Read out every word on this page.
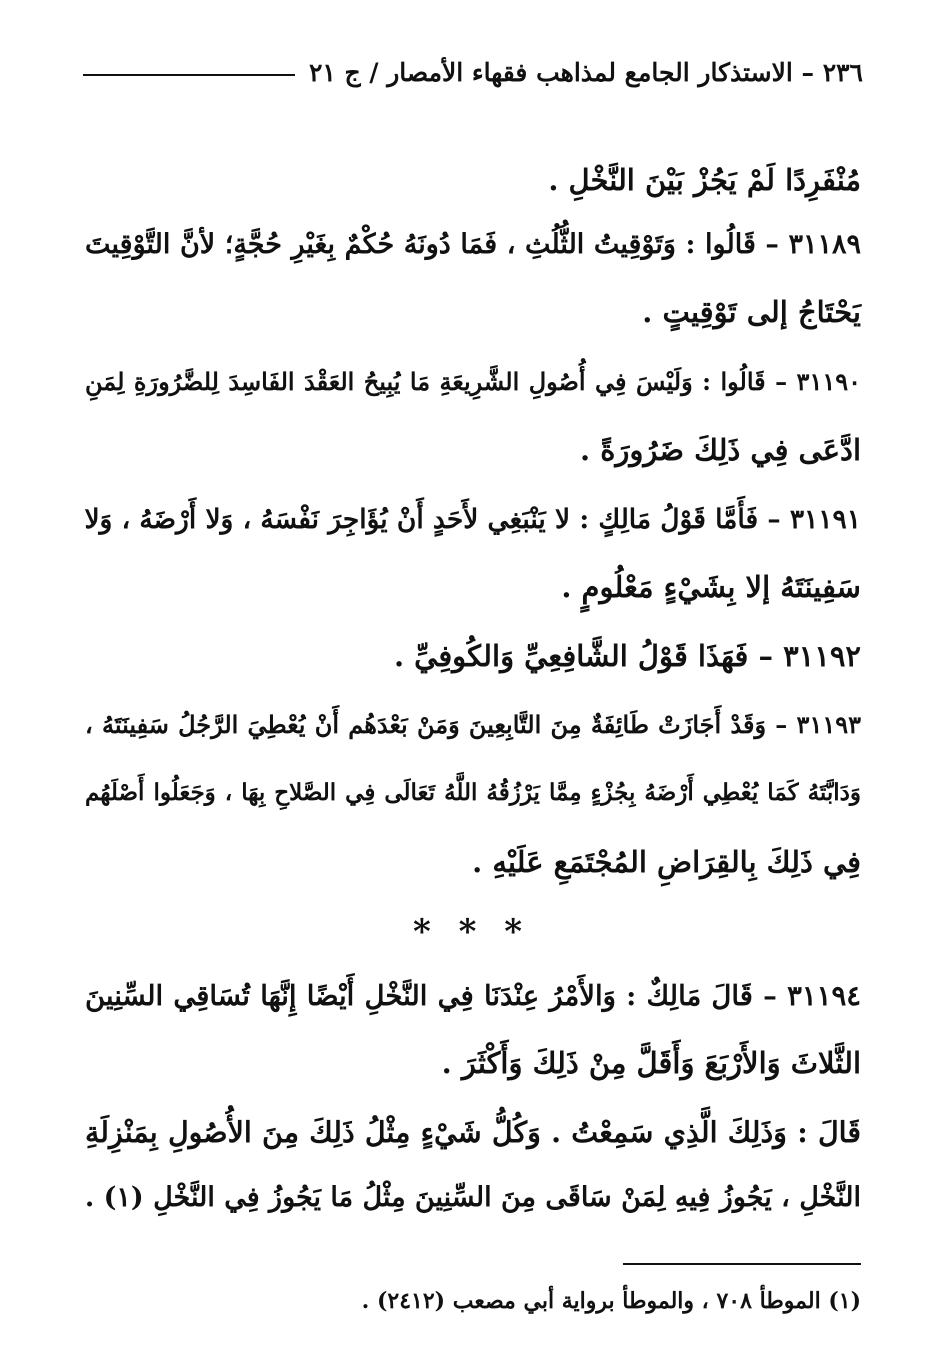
٢٣٦ – الاستذكار الجامع لمذاهب فقهاء الأمصار / ج ٢١
مُنْفَرِدًا لَمْ يَجُزْ بَيْنَ النَّخْلِ .
٣١١٨٩ – قَالُوا : وَتَوْقِيتُ الثُّلُثِ ، فَمَا دُونَهُ حُكْمٌ بِغَيْرِ حُجَّةٍ؛ لأنَّ التَّوْقِيتَ
يَحْتَاجُ إلى تَوْقِيتٍ .
٣١١٩٠ – قَالُوا : وَلَيْسَ فِي أُصُولِ الشَّرِيعَةِ مَا يُبِيحُ العَقْدَ الفَاسِدَ لِلضَّرُورَةِ لِمَنِ
ادَّعَى فِي ذَلِكَ ضَرُورَةً .
٣١١٩١ – فَأَمَّا قَوْلُ مَالِكٍ : لا يَنْبَغِي لأَحَدٍ أَنْ يُؤَاجِرَ نَفْسَهُ ، وَلا أَرْضَهُ ، وَلا
سَفِينَتَهُ إلا بِشَيْءٍ مَعْلُومٍ .
٣١١٩٢ – فَهَذَا قَوْلُ الشَّافِعِيِّ وَالكُوفِيِّ .
٣١١٩٣ – وَقَدْ أَجَازَتْ طَائِفَةٌ مِنَ التَّابِعِينَ وَمَنْ بَعْدَهُم أَنْ يُعْطِيَ الرَّجُلُ سَفِينَتَهُ ،
وَدَابَّتَهُ كَمَا يُعْطِي أَرْضَهُ بِجُزْءٍ مِمَّا يَرْزُقُهُ اللَّهُ تَعَالَى فِي الصَّلاحِ بِهَا ، وَجَعَلُوا أَصْلَهُم
فِي ذَلِكَ بِالقِرَاضِ المُجْتَمَعِ عَلَيْهِ .
* * *
٣١١٩٤ – قَالَ مَالِكٌ : وَالأَمْرُ عِنْدَنَا فِي النَّخْلِ أَيْضًا إِنَّهَا تُسَاقِي السِّنِينَ
الثَّلاثَ وَالأَرْبَعَ وَأَقَلَّ مِنْ ذَلِكَ وَأَكْثَرَ .
قَالَ : وَذَلِكَ الَّذِي سَمِعْتُ . وَكُلُّ شَيْءٍ مِثْلُ ذَلِكَ مِنَ الأُصُولِ بِمَنْزِلَةِ
النَّخْلِ ، يَجُوزُ فِيهِ لِمَنْ سَاقَى مِنَ السِّنِينَ مِثْلُ مَا يَجُوزُ فِي النَّخْلِ (١) .
(١) الموطأ ٧٠٨ ، والموطأ برواية أبي مصعب (٢٤١٢) .
